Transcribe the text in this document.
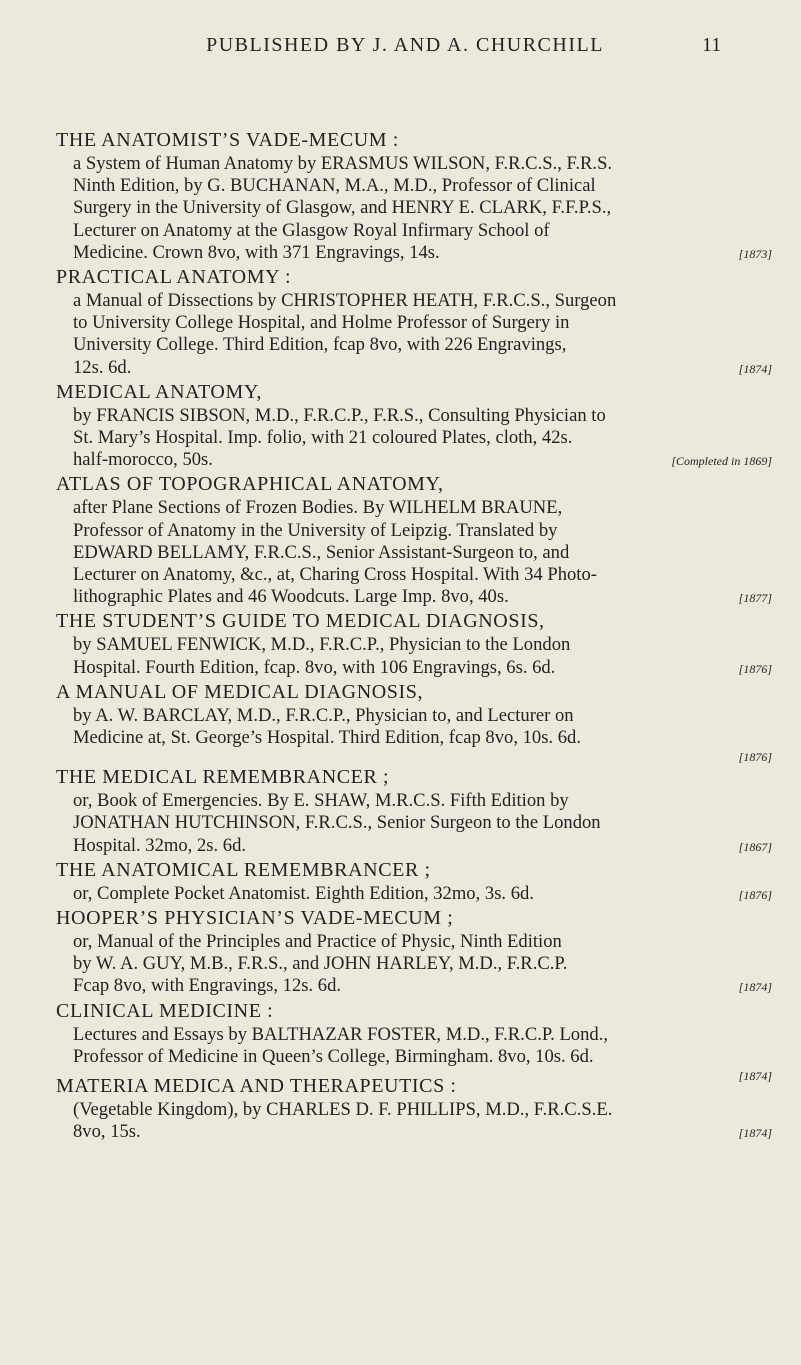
PUBLISHED BY J. AND A. CHURCHILL	11
THE ANATOMIST’S VADE-MECUM :
a System of Human Anatomy by ERASMUS WILSON, F.R.C.S., F.R.S.
Ninth Edition, by G. BUCHANAN, M.A., M.D., Professor of Clinical
Surgery in the University of Glasgow, and HENRY E. CLARK, F.F.P.S.,
Lecturer on Anatomy at the Glasgow Royal Infirmary School of
[1873]
Medicine. Crown 8vo, with 371 Engravings, 14s.
PRACTICAL ANATOMY :
a Manual of Dissections by CHRISTOPHER HEATH, F.R.C.S., Surgeon
to University College Hospital, and Holme Professor of Surgery in
University College. Third Edition, fcap 8vo, with 226 Engravings,
[1874]
12s. 6d.
MEDICAL ANATOMY,
by FRANCIS SIBSON, M.D., F.R.C.P., F.R.S., Consulting Physician to
St. Mary’s Hospital. Imp. folio, with 21 coloured Plates, cloth, 42s.
[Completed in 1869]
half-morocco, 50s.
ATLAS OF TOPOGRAPHICAL ANATOMY,
after Plane Sections of Frozen Bodies. By WILHELM BRAUNE,
Professor of Anatomy in the University of Leipzig. Translated by
EDWARD BELLAMY, F.R.C.S., Senior Assistant-Surgeon to, and
Lecturer on Anatomy, &c., at, Charing Cross Hospital. With 34 Photo-
[1877]
lithographic Plates and 46 Woodcuts. Large Imp. 8vo, 40s.
THE STUDENT’S GUIDE TO MEDICAL DIAGNOSIS,
by SAMUEL FENWICK, M.D., F.R.C.P., Physician to the London
[1876]
Hospital. Fourth Edition, fcap. 8vo, with 106 Engravings, 6s. 6d.
A MANUAL OF MEDICAL DIAGNOSIS,
by A. W. BARCLAY, M.D., F.R.C.P., Physician to, and Lecturer on
Medicine at, St. George’s Hospital. Third Edition, fcap 8vo, 10s. 6d.
[1876]
THE MEDICAL REMEMBRANCER ;
or, Book of Emergencies. By E. SHAW, M.R.C.S. Fifth Edition by
JONATHAN HUTCHINSON, F.R.C.S., Senior Surgeon to the London
[1867]
Hospital. 32mo, 2s. 6d.
THE ANATOMICAL REMEMBRANCER ;
[1876]
or, Complete Pocket Anatomist. Eighth Edition, 32mo, 3s. 6d.
HOOPER’S PHYSICIAN’S VADE-MECUM ;
or, Manual of the Principles and Practice of Physic, Ninth Edition
by W. A. GUY, M.B., F.R.S., and JOHN HARLEY, M.D., F.R.C.P.
[1874]
Fcap 8vo, with Engravings, 12s. 6d.
CLINICAL MEDICINE :
Lectures and Essays by BALTHAZAR FOSTER, M.D., F.R.C.P. Lond.,
Professor of Medicine in Queen’s College, Birmingham. 8vo, 10s. 6d.
[1874]
MATERIA MEDICA AND THERAPEUTICS :
(Vegetable Kingdom), by CHARLES D. F. PHILLIPS, M.D., F.R.C.S.E.
[1874]
8vo, 15s.
